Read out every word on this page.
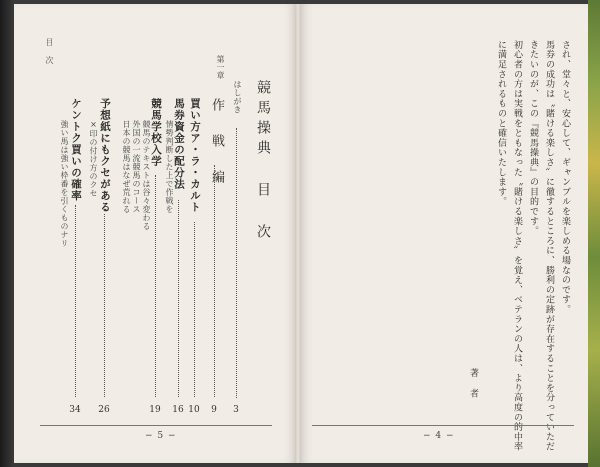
目 次
競馬操典 目 次
はしがき
3
第一章
作 戦 編
9
買い方ア・ラ・カルト
10
馬券資金の配分法
16
情勢判断した上で作戦を
競馬学校入学
19
競馬のテキストは谷々変わる
外国の一流競馬のコース
日本の競馬はなぜ荒れる
予想紙にもクセがある
26
×印の付け方のクセ
ケントク買いの確率
34
強い馬は強い枠番を引くものナリ
− 5 −
され、堂々と、安心して、ギャンブルを楽しめる場なのです。
馬券の成功は〝賭ける楽しさ〟に徹するところに、勝利の定跡が存在することを分っていただ
きたいのが、この『競馬操典』の目的です。
初心者の方は実戦をともなった〝賭ける楽しさ〟を覚え、ベテランの人は、より高度の的中率
に満足されるものと確信いたします。
著 者
− 4 −
